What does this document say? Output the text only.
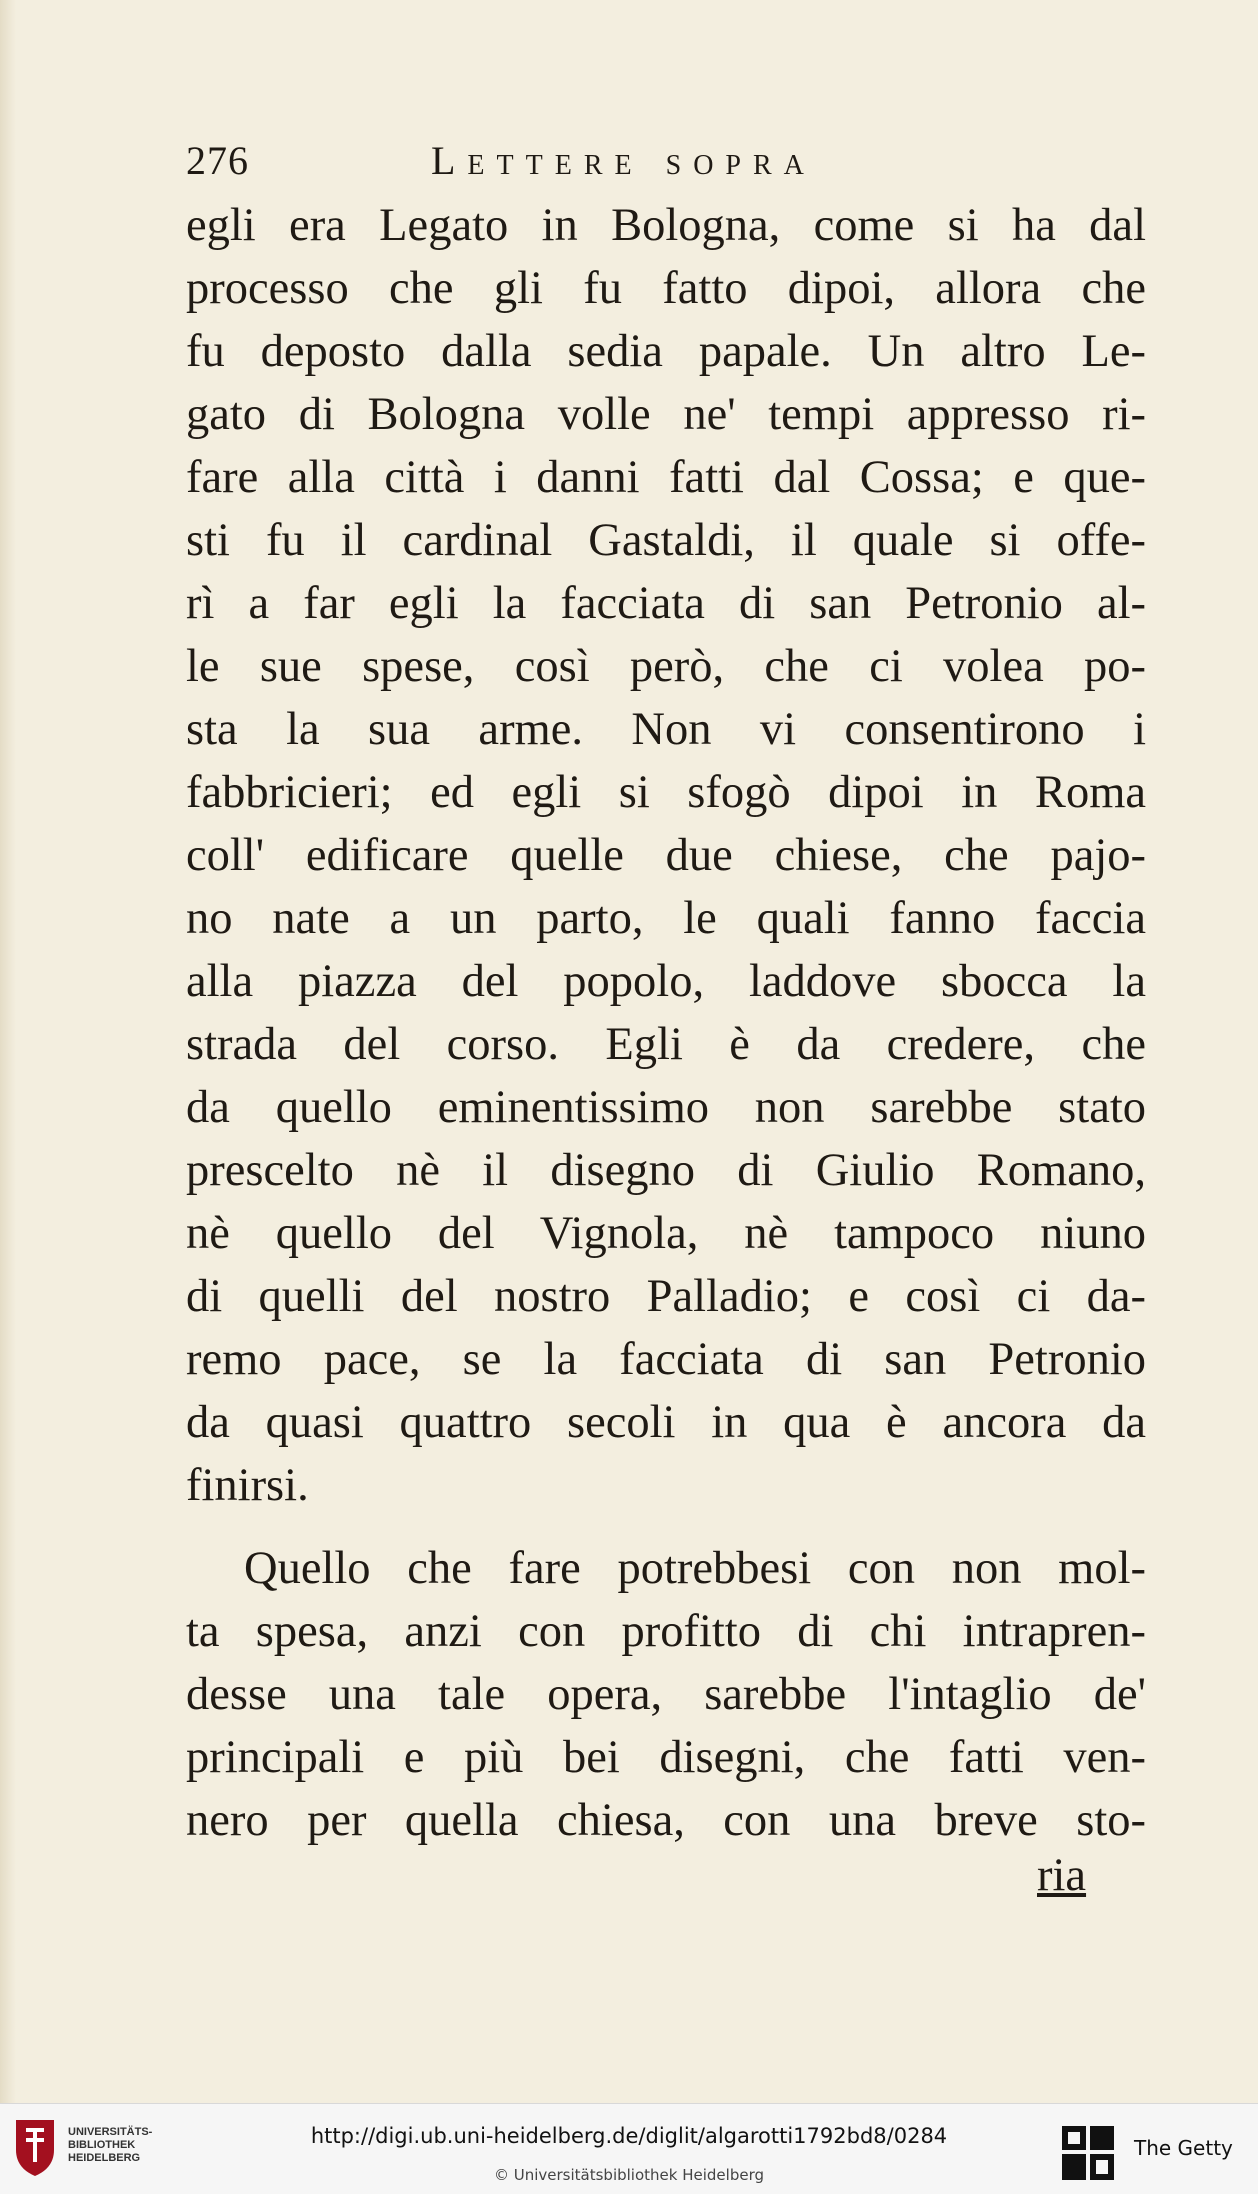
276	Lettere sopra
egli era Legato in Bologna, come si ha dal
processo che gli fu fatto dipoi, allora che
fu deposto dalla sedia papale. Un altro Le-
gato di Bologna volle ne' tempi appresso ri-
fare alla città i danni fatti dal Cossa; e que-
sti fu il cardinal Gastaldi, il quale si offe-
rì a far egli la facciata di san Petronio al-
le sue spese, così però, che ci volea po-
sta la sua arme. Non vi consentirono i
fabbricieri; ed egli si sfogò dipoi in Roma
coll' edificare quelle due chiese, che pajo-
no nate a un parto, le quali fanno faccia
alla piazza del popolo, laddove sbocca la
strada del corso. Egli è da credere, che
da quello eminentissimo non sarebbe stato
prescelto nè il disegno di Giulio Romano,
nè quello del Vignola, nè tampoco niuno
di quelli del nostro Palladio; e così ci da-
remo pace, se la facciata di san Petronio
da quasi quattro secoli in qua è ancora da
finirsi.
Quello che fare potrebbesi con non mol-
ta spesa, anzi con profitto di chi intrapren-
desse una tale opera, sarebbe l'intaglio de'
principali e più bei disegni, che fatti ven-
nero per quella chiesa, con una breve sto-
ria
UNIVERSITÄTS-
BIBLIOTHEK
HEIDELBERG
http://digi.ub.uni-heidelberg.de/diglit/algarotti1792bd8/0284
© Universitätsbibliothek Heidelberg
The Getty
